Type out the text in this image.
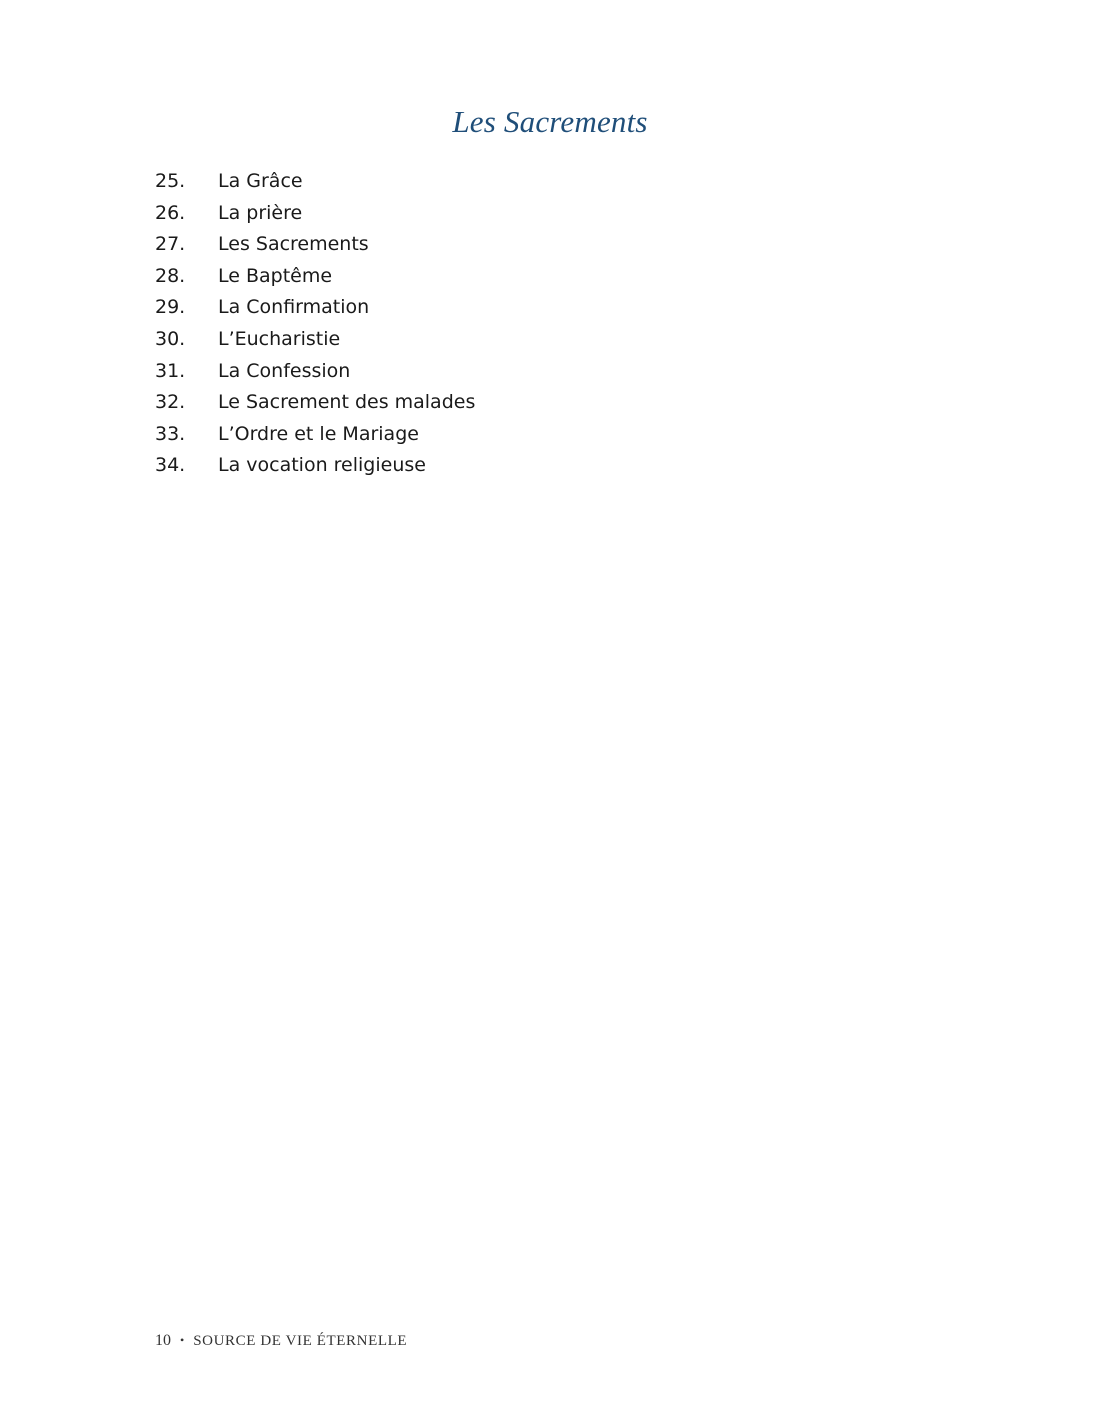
Les Sacrements
25. La Grâce
26. La prière
27. Les Sacrements
28. Le Baptême
29. La Confirmation
30. L’Eucharistie
31. La Confession
32. Le Sacrement des malades
33. L’Ordre et le Mariage
34. La vocation religieuse
10 • SOURCE DE VIE ÉTERNELLE
